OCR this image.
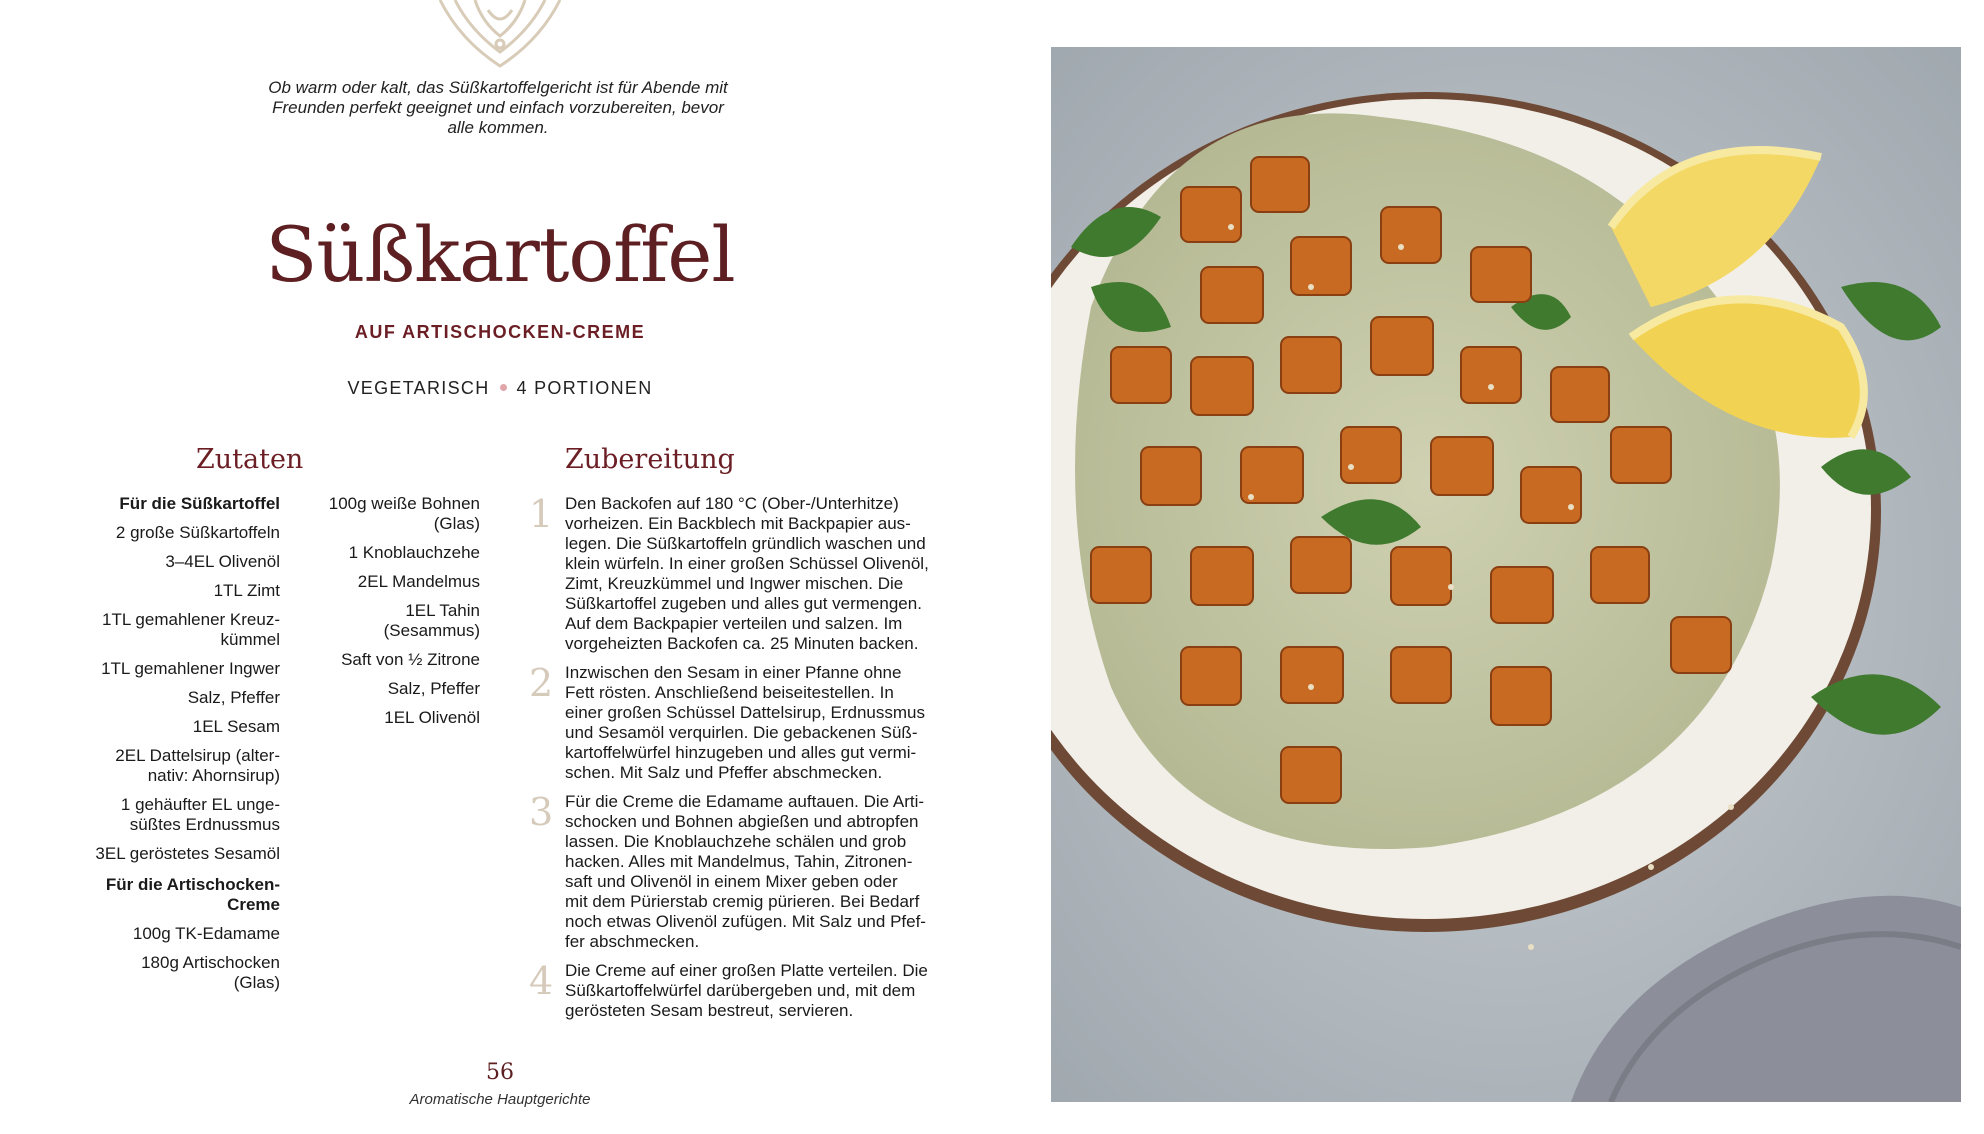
Ob warm oder kalt, das Süßkartoffelgericht ist für Abende mit
Freunden perfekt geeignet und einfach vorzubereiten, bevor
alle kommen.
Süßkartoffel
AUF ARTISCHOCKEN-CREME
VEGETARISCH 4 PORTIONEN
Zutaten
Für die Süßkartoffel
2 große Süßkartoffeln
3–4EL Olivenöl
1TL Zimt
1TL gemahlener Kreuz-
kümmel
1TL gemahlener Ingwer
Salz, Pfeffer
1EL Sesam
2EL Dattelsirup (alter-
nativ: Ahornsirup)
1 gehäufter EL unge-
süßtes Erdnussmus
3EL geröstetes Sesamöl
Für die Artischocken-
Creme
100g TK-Edamame
180g Artischocken
(Glas)
100g weiße Bohnen
(Glas)
1 Knoblauchzehe
2EL Mandelmus
1EL Tahin
(Sesammus)
Saft von ½ Zitrone
Salz, Pfeffer
1EL Olivenöl
Zubereitung
1 Den Backofen auf 180 °C (Ober-/Unterhitze)
vorheizen. Ein Backblech mit Backpapier aus-
legen. Die Süßkartoffeln gründlich waschen und
klein würfeln. In einer großen Schüssel Olivenöl,
Zimt, Kreuzkümmel und Ingwer mischen. Die
Süßkartoffel zugeben und alles gut vermengen.
Auf dem Backpapier verteilen und salzen. Im
vorgeheizten Backofen ca. 25 Minuten backen.
2 Inzwischen den Sesam in einer Pfanne ohne
Fett rösten. Anschließend beiseitestellen. In
einer großen Schüssel Dattelsirup, Erdnussmus
und Sesamöl verquirlen. Die gebackenen Süß-
kartoffelwürfel hinzugeben und alles gut vermi-
schen. Mit Salz und Pfeffer abschmecken.
3 Für die Creme die Edamame auftauen. Die Arti-
schocken und Bohnen abgießen und abtropfen
lassen. Die Knoblauchzehe schälen und grob
hacken. Alles mit Mandelmus, Tahin, Zitronen-
saft und Olivenöl in einem Mixer geben oder
mit dem Pürierstab cremig pürieren. Bei Bedarf
noch etwas Olivenöl zufügen. Mit Salz und Pfef-
fer abschmecken.
4 Die Creme auf einer großen Platte verteilen. Die
Süßkartoffelwürfel darübergeben und, mit dem
gerösteten Sesam bestreut, servieren.
56
Aromatische Hauptgerichte
